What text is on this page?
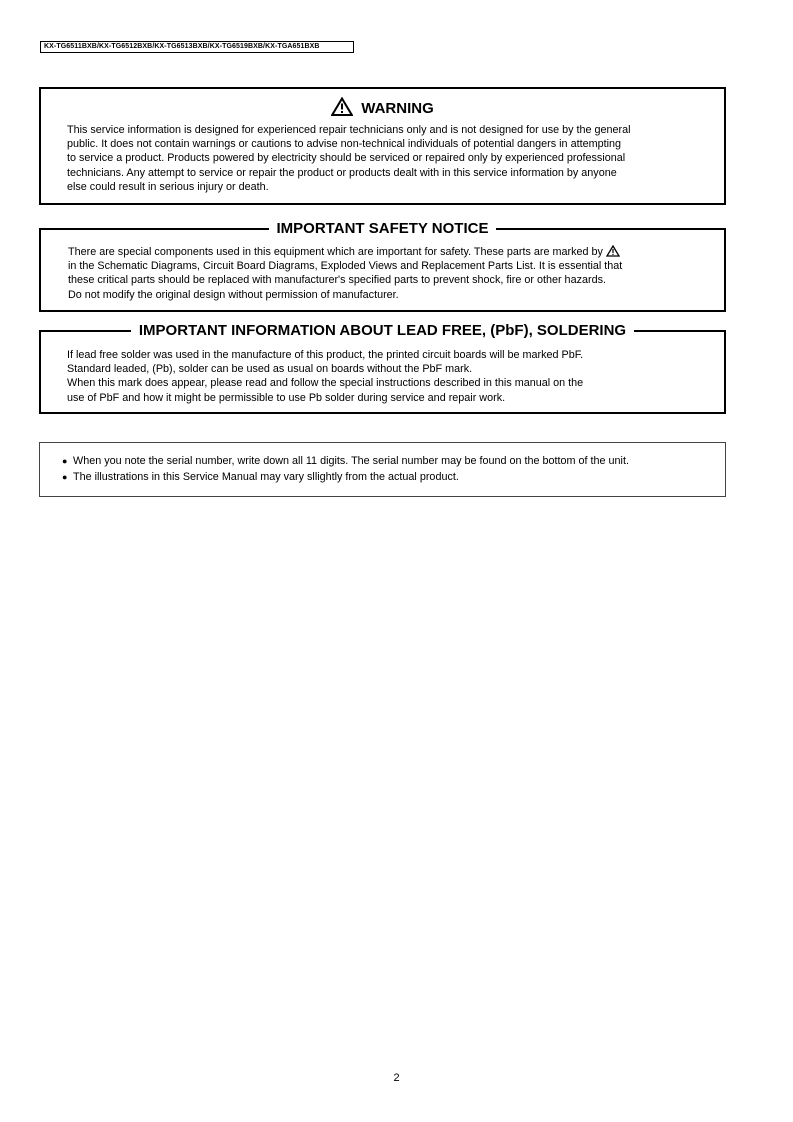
KX-TG6511BXB/KX-TG6512BXB/KX-TG6513BXB/KX-TG6519BXB/KX-TGA651BXB
WARNING

This service information is designed for experienced repair technicians only and is not designed for use by the general

public. It does not contain warnings or cautions to advise non-technical individuals of potential dangers in attempting

to service a product. Products powered by electricity should be serviced or repaired only by experienced professional

technicians. Any attempt to service or repair the product or products dealt with in this service information by anyone

else could result in serious injury or death.

IMPORTANT SAFETY NOTICE

There are special components used in this equipment which are important for safety. These parts are marked by

in the Schematic Diagrams, Circuit Board Diagrams, Exploded Views and Replacement Parts List. It is essential that

these critical parts should be replaced with manufacturer's specified parts to prevent shock, fire or other hazards.

Do not modify the original design without permission of manufacturer.

IMPORTANT INFORMATION ABOUT LEAD FREE, (PbF), SOLDERING

If lead free solder was used in the manufacture of this product, the printed circuit boards will be marked PbF.

Standard leaded, (Pb), solder can be used as usual on boards without the PbF mark.

When this mark does appear, please read and follow the special instructions described in this manual on the

use of PbF and how it might be permissible to use Pb solder during service and repair work.

● When you note the serial number, write down all 11 digits. The serial number may be found on the bottom of the unit.
● The illustrations in this Service Manual may vary sllightly from the actual product.
2
